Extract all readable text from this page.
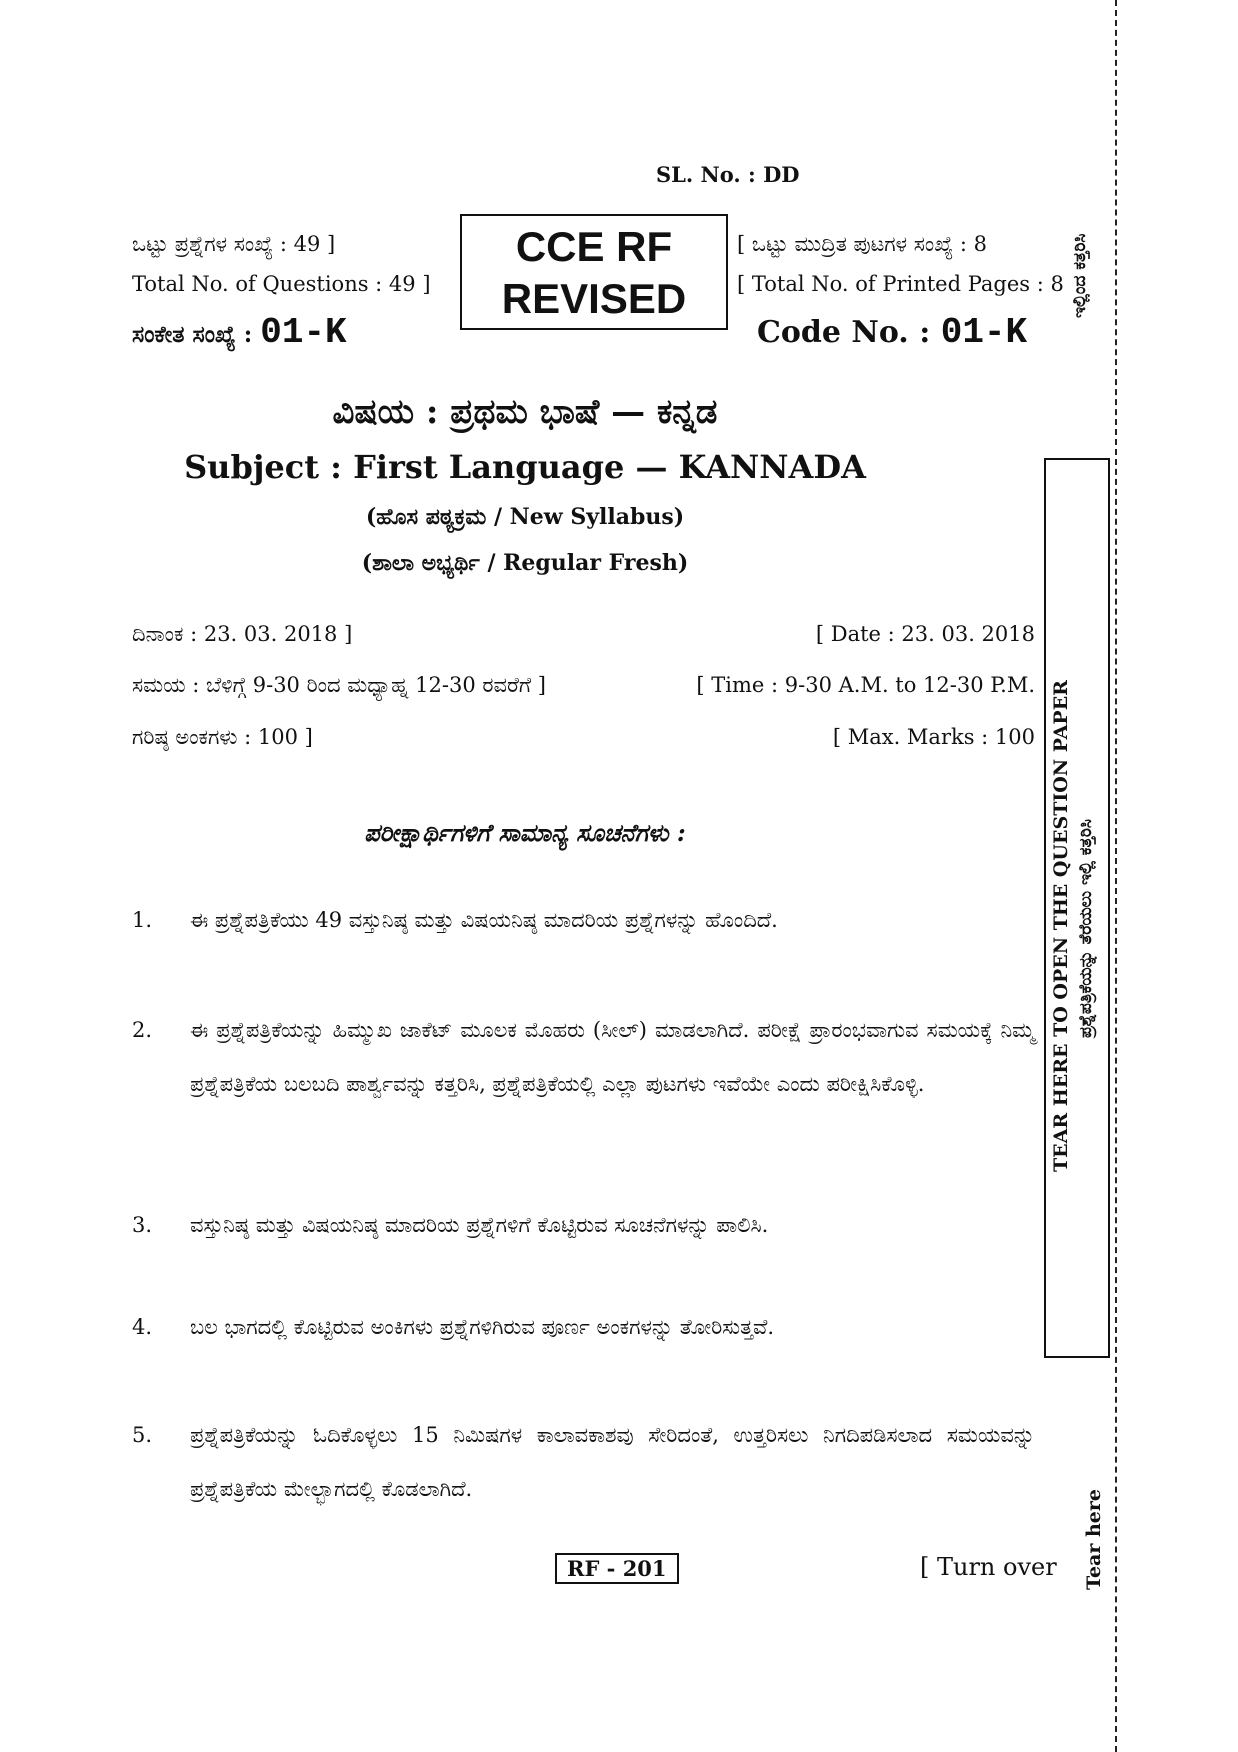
SL. No. : DD
ಒಟ್ಟು ಪ್ರಶ್ನೆಗಳ ಸಂಖ್ಯೆ : 49 ]
Total No. of Questions : 49 ]
CCE RF
REVISED
[ ಒಟ್ಟು ಮುದ್ರಿತ ಪುಟಗಳ ಸಂಖ್ಯೆ : 8
[ Total No. of Printed Pages : 8
ಸಂಕೇತ ಸಂಖ್ಯೆ : 01-K	Code No. : 01-K
ವಿಷಯ : ಪ್ರಥಮ ಭಾಷೆ — ಕನ್ನಡ
Subject : First Language — KANNADA
(ಹೊಸ ಪಠ್ಯಕ್ರಮ / New Syllabus)
(ಶಾಲಾ ಅಭ್ಯರ್ಥಿ / Regular Fresh)
ದಿನಾಂಕ : 23. 03. 2018 ]	[ Date : 23. 03. 2018
ಸಮಯ : ಬೆಳಿಗ್ಗೆ 9-30 ರಿಂದ ಮಧ್ಯಾಹ್ನ 12-30 ರವರೆಗೆ ]	[ Time : 9-30 A.M. to 12-30 P.M.
ಗರಿಷ್ಠ ಅಂಕಗಳು : 100 ]	[ Max. Marks : 100
ಪರೀಕ್ಷಾರ್ಥಿಗಳಿಗೆ ಸಾಮಾನ್ಯ ಸೂಚನೆಗಳು :
1.	ಈ ಪ್ರಶ್ನೆಪತ್ರಿಕೆಯು 49 ವಸ್ತುನಿಷ್ಠ ಮತ್ತು ವಿಷಯನಿಷ್ಠ ಮಾದರಿಯ ಪ್ರಶ್ನೆಗಳನ್ನು ಹೊಂದಿದೆ.
2.	ಈ ಪ್ರಶ್ನೆಪತ್ರಿಕೆಯನ್ನು ಹಿಮ್ಮುಖ ಜಾಕೆಟ್ ಮೂಲಕ ಮೊಹರು (ಸೀಲ್) ಮಾಡಲಾಗಿದೆ. ಪರೀಕ್ಷೆ ಪ್ರಾರಂಭವಾಗುವ ಸಮಯಕ್ಕೆ ನಿಮ್ಮ ಪ್ರಶ್ನೆಪತ್ರಿಕೆಯ ಬಲಬದಿ ಪಾರ್ಶ್ವವನ್ನು ಕತ್ತರಿಸಿ, ಪ್ರಶ್ನೆಪತ್ರಿಕೆಯಲ್ಲಿ ಎಲ್ಲಾ ಪುಟಗಳು ಇವೆಯೇ ಎಂದು ಪರೀಕ್ಷಿಸಿಕೊಳ್ಳಿ.
3.	ವಸ್ತುನಿಷ್ಠ ಮತ್ತು ವಿಷಯನಿಷ್ಠ ಮಾದರಿಯ ಪ್ರಶ್ನೆಗಳಿಗೆ ಕೊಟ್ಟಿರುವ ಸೂಚನೆಗಳನ್ನು ಪಾಲಿಸಿ.
4.	ಬಲ ಭಾಗದಲ್ಲಿ ಕೊಟ್ಟಿರುವ ಅಂಕಿಗಳು ಪ್ರಶ್ನೆಗಳಿಗಿರುವ ಪೂರ್ಣ ಅಂಕಗಳನ್ನು ತೋರಿಸುತ್ತವೆ.
5.	ಪ್ರಶ್ನೆಪತ್ರಿಕೆಯನ್ನು ಓದಿಕೊಳ್ಳಲು 15 ನಿಮಿಷಗಳ ಕಾಲಾವಕಾಶವು ಸೇರಿದಂತೆ, ಉತ್ತರಿಸಲು ನಿಗದಿಪಡಿಸಲಾದ ಸಮಯವನ್ನು ಪ್ರಶ್ನೆಪತ್ರಿಕೆಯ ಮೇಲ್ಭಾಗದಲ್ಲಿ ಕೊಡಲಾಗಿದೆ.
RF - 201	[ Turn over
ಇಲ್ಲಿಂದ ಕತ್ತರಿಸಿ
TEAR HERE TO OPEN THE QUESTION PAPER ಪ್ರಶ್ನೆಪತ್ರಿಕೆಯನ್ನು ತೆರೆಯಲು ಇಲ್ಲಿ ಕತ್ತರಿಸಿ
Tear here
